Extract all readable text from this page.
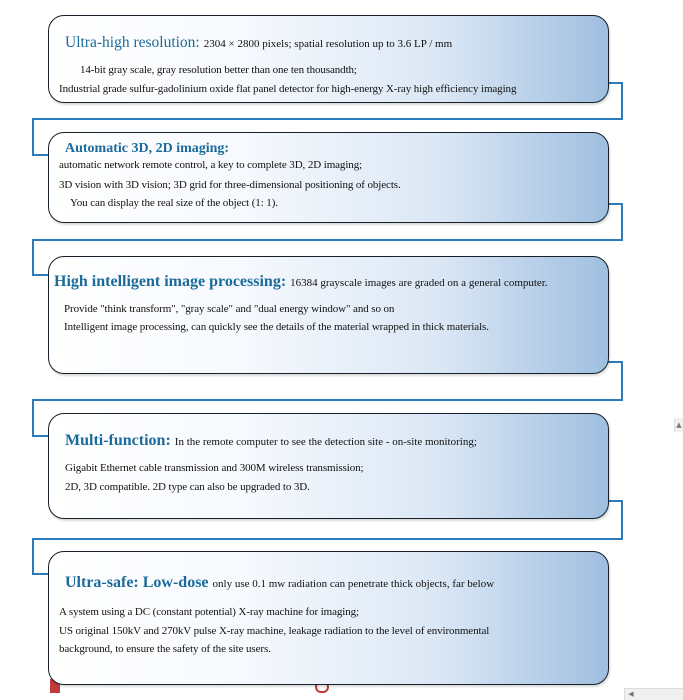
Ultra-high resolution: 2304 × 2800 pixels; spatial resolution up to 3.6 LP / mm
14-bit gray scale, gray resolution better than one ten thousandth;
Industrial grade sulfur-gadolinium oxide flat panel detector for high-energy X-ray high efficiency imaging
Automatic 3D, 2D imaging:
automatic network remote control, a key to complete 3D, 2D imaging;
3D vision with 3D vision; 3D grid for three-dimensional positioning of objects.
You can display the real size of the object (1: 1).
High intelligent image processing: 16384 grayscale images are graded on a general computer.
Provide "think transform", "gray scale" and "dual energy window" and so on
Intelligent image processing, can quickly see the details of the material wrapped in thick materials.
Multi-function: In the remote computer to see the detection site - on-site monitoring;
Gigabit Ethernet cable transmission and 300M wireless transmission;
2D, 3D compatible. 2D type can also be upgraded to 3D.
Ultra-safe: Low-dose only use 0.1 mw radiation can penetrate thick objects, far below
A system using a DC (constant potential) X-ray machine for imaging;
US original 150kV and 270kV pulse X-ray machine, leakage radiation to the level of environmental
background, to ensure the safety of the site users.
▲
◀
